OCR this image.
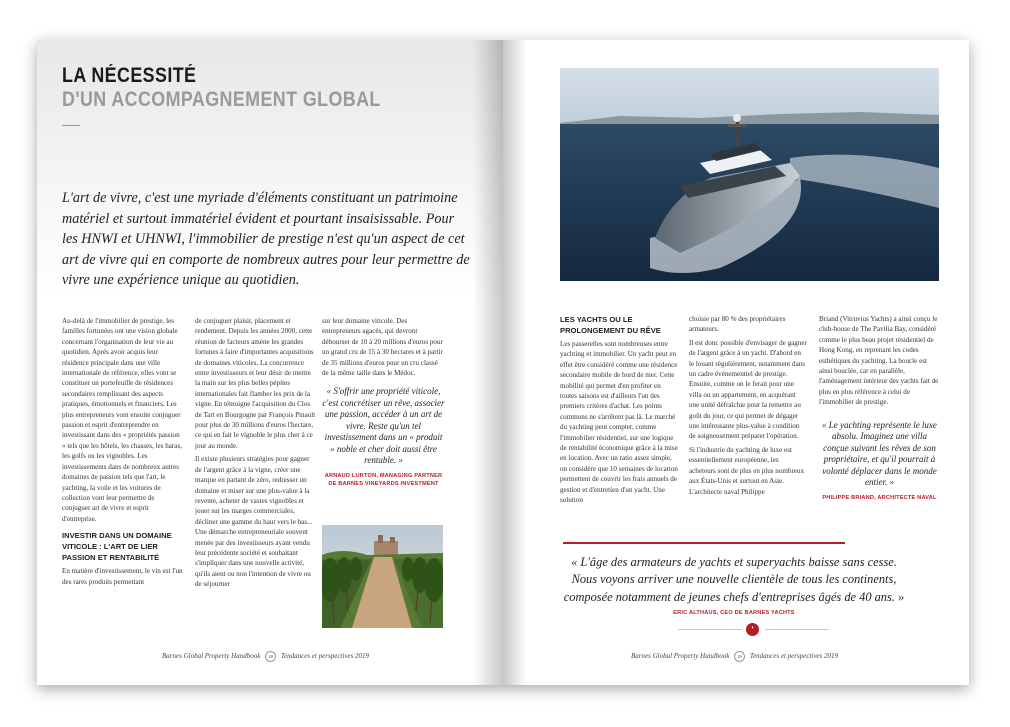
LA NÉCESSITÉ
D'UN ACCOMPAGNEMENT GLOBAL
L'art de vivre, c'est une myriade d'éléments constituant un patrimoine matériel et surtout immatériel évident et pourtant insaisissable. Pour les HNWI et UHNWI, l'immobilier de prestige n'est qu'un aspect de cet art de vivre qui en comporte de nombreux autres pour leur permettre de vivre une expérience unique au quotidien.

Au-delà de l'immobilier de prestige, les familles fortunées ont une vision globale concernant l'organisation de leur vie au quotidien. Après avoir acquis leur résidence principale dans une ville internationale de référence, elles vont se constituer un portefeuille de résidences secondaires remplissant des aspects pratiques, émotionnels et financiers. Les plus entrepreneurs vont ensuite conjuguer passion et esprit d'entreprendre en investissant dans des « propriétés passion » tels que les hôtels, les chasses, les haras, les golfs ou les vignobles. Les investissements dans de nombreux autres domaines de passion tels que l'art, le yachting, la voile et les voitures de collection vont leur permettre de conjuguer art de vivre et esprit d'entreprise.

INVESTIR DANS UN DOMAINE VITICOLE : L'ART DE LIER PASSION ET RENTABILITÉ

En matière d'investissement, le vin est l'un des rares produits permettant

de conjuguer plaisir, placement et rendement. Depuis les années 2000, cette réunion de facteurs amène les grandes fortunes à faire d'importantes acquisitions de domaines viticoles. La concurrence entre investisseurs et leur désir de mettre la main sur les plus belles pépites internationales fait flamber les prix de la vigne. En témoigne l'acquisition du Clos de Tart en Bourgogne par François Pinault pour plus de 30 millions d'euros l'hectare, ce qui en fait le vignoble le plus cher à ce jour au monde.

Il existe plusieurs stratégies pour gagner de l'argent grâce à la vigne, créer une marque en partant de zéro, redresser un domaine et miser sur une plus-value à la revente, acheter de vastes vignobles et jouer sur les marges commerciales, décliner une gamme du haut vers le bas... Une démarche entrepreneuriale souvent menée par des investisseurs ayant vendu leur précédente société et souhaitant s'impliquer dans une nouvelle activité, qu'ils aient ou non l'intention de vivre ou de séjourner

sur leur domaine viticole. Des entrepreneurs agacés, qui devront débourser de 10 à 20 millions d'euros pour un grand cru de 15 à 30 hectares et à partir de 35 millions d'euros pour un cru classé de la même taille dans le Médoc.

« S'offrir une propriété viticole, c'est concrétiser un rêve, associer une passion, accéder à un art de vivre. Reste qu'un tel investissement dans un « produit » noble et cher doit aussi être rentable. »
ARNAUD LURTON, MANAGING PARTNER DE BARNES VINEYARDS INVESTMENT
Barnes Global Property Handbook 28 Tendances et perspectives 2019
LES YACHTS OU LE PROLONGEMENT DU RÊVE

Les passerelles sont nombreuses entre yachting et immobilier. Un yacht peut en effet être considéré comme une résidence secondaire mobile de bord de mer. Cette mobilité qui permet d'en profiter en toutes saisons est d'ailleurs l'un des premiers critères d'achat. Les points communs ne s'arrêtent pas là. Le marché du yachting peut compter, comme l'immobilier résidentiel, sur une logique de rentabilité économique grâce à la mise en location. Avec un ratio assez simple, on considère que 10 semaines de location permettent de couvrir les frais annuels de gestion et d'entretien d'un yacht. Une solution

choisie par 80 % des propriétaires armateurs.

Il est donc possible d'envisager de gagner de l'argent grâce à un yacht. D'abord en le louant régulièrement, notamment dans un cadre événementiel de prestige. Ensuite, comme on le ferait pour une villa ou un appartement, en acquérant une unité défraîchie pour la remettre au goût du jour, ce qui permet de dégager une intéressante plus-value à condition de soigneusement préparer l'opération.

Si l'industrie du yachting de luxe est essentiellement européenne, les acheteurs sont de plus en plus nombreux aux États-Unis et surtout en Asie. L'architecte naval Philippe

Briand (Vitruvius Yachts) a ainsi conçu le club-house de The Pavilia Bay, considéré comme le plus beau projet résidentiel de Hong Kong, en reprenant les codes esthétiques du yachting. La boucle est ainsi bouclée, car en parallèle, l'aménagement intérieur des yachts fait de plus en plus référence à celui de l'immobilier de prestige.

« Le yachting représente le luxe absolu. Imaginez une villa conçue suivant les rêves de son propriétaire, et qu'il pourrait à volonté déplacer dans le monde entier. »
PHILIPPE BRIAND, ARCHITECTE NAVAL
« L'âge des armateurs de yachts et superyachts baisse sans cesse. Nous voyons arriver une nouvelle clientèle de tous les continents, composée notamment de jeunes chefs d'entreprises âgés de 40 ans. »
ERIC ALTHAUS, CEO DE BARNES YACHTS
❛
Barnes Global Property Handbook 29 Tendances et perspectives 2019
